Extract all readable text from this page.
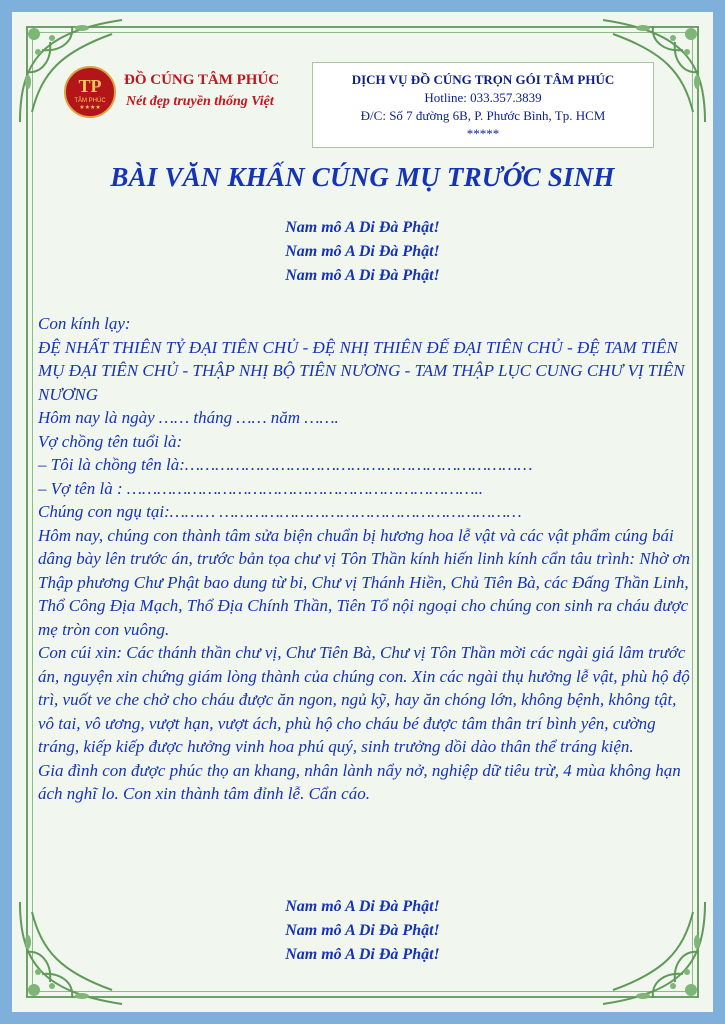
TP
TÂM PHÚC ★★★★
ĐỒ CÚNG TÂM PHÚC
Nét đẹp truyền thống Việt
DỊCH VỤ ĐỒ CÚNG TRỌN GÓI TÂM PHÚC
Hotline: 033.357.3839
Đ/C: Số 7 đường 6B, P. Phước Bình, Tp. HCM
*****
BÀI VĂN KHẤN CÚNG MỤ TRƯỚC SINH
Nam mô A Di Đà Phật!
Nam mô A Di Đà Phật!
Nam mô A Di Đà Phật!

Con kính lạy:

ĐỆ NHẤT THIÊN TỶ ĐẠI TIÊN CHỦ - ĐỆ NHỊ THIÊN ĐẾ ĐẠI TIÊN CHỦ - ĐỆ TAM TIÊN MỤ ĐẠI TIÊN CHỦ - THẬP NHỊ BỘ TIÊN NƯƠNG - TAM THẬP LỤC CUNG CHƯ VỊ TIÊN NƯƠNG

Hôm nay là ngày …… tháng …… năm …….

Vợ chồng tên tuổi là:

– Tôi là chồng tên là:……………………………………………………………

– Vợ tên là : ……………………………………………………………..

Chúng con ngụ tại:……… ……………………………………………………

Hôm nay, chúng con thành tâm sửa biện chuẩn bị hương hoa lễ vật và các vật phẩm cúng bái dâng bày lên trước án, trước bản tọa chư vị Tôn Thần kính hiến linh kính cẩn tâu trình: Nhờ ơn Thập phương Chư Phật bao dung từ bi, Chư vị Thánh Hiền, Chủ Tiên Bà, các Đấng Thần Linh, Thổ Công Địa Mạch, Thổ Địa Chính Thần, Tiên Tổ nội ngoại cho chúng con sinh ra cháu được mẹ tròn con vuông.

Con cúi xin: Các thánh thần chư vị, Chư Tiên Bà, Chư vị Tôn Thần mời các ngài giá lâm trước án, nguyện xin chứng giám lòng thành của chúng con. Xin các ngài thụ hưởng lễ vật, phù hộ độ trì, vuốt ve che chở cho cháu được ăn ngon, ngủ kỹ, hay ăn chóng lớn, không bệnh, không tật, vô tai, vô ương, vượt hạn, vượt ách, phù hộ cho cháu bé được tâm thân trí bình yên, cường tráng, kiếp kiếp được hưởng vinh hoa phú quý, sinh trưởng dồi dào thân thể tráng kiện.

Gia đình con được phúc thọ an khang, nhân lành nẩy nở, nghiệp dữ tiêu trừ, 4 mùa không hạn ách nghĩ lo. Con xin thành tâm đỉnh lễ. Cẩn cáo.

Nam mô A Di Đà Phật!
Nam mô A Di Đà Phật!
Nam mô A Di Đà Phật!
